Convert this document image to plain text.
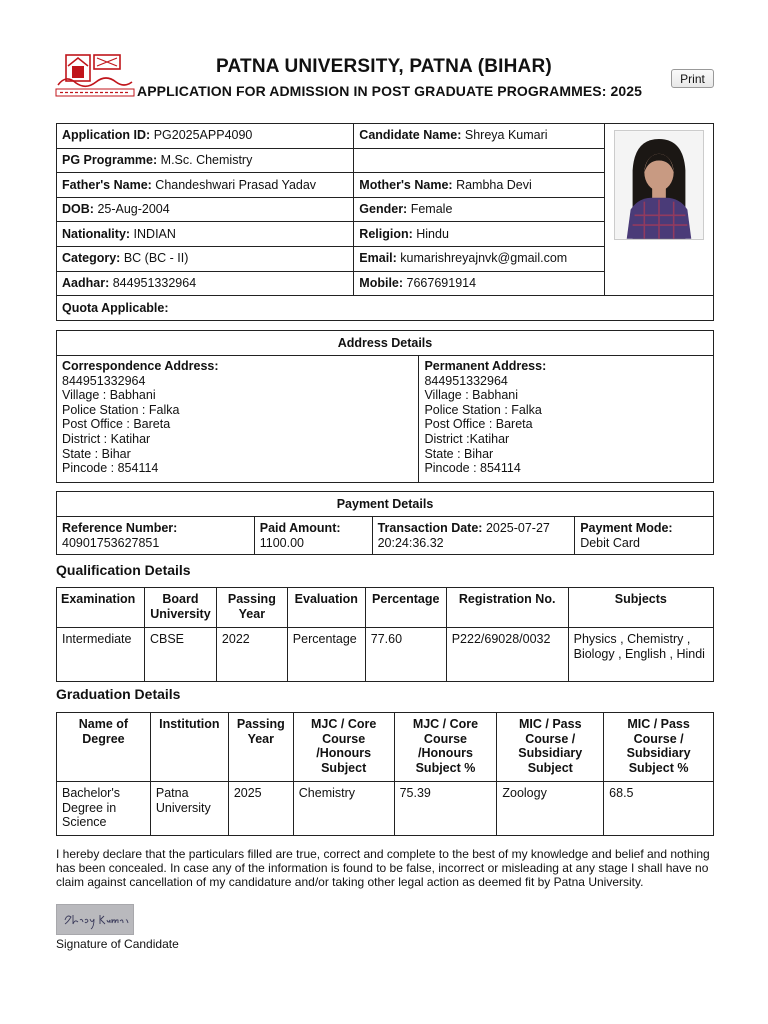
PATNA UNIVERSITY, PATNA (BIHAR)
APPLICATION FOR ADMISSION IN POST GRADUATE PROGRAMMES: 2025
Print
Application ID: PG2025APP4090	Candidate Name: Shreya Kumari	

PG Programme: M.Sc. Chemistry		
Father's Name: Chandeshwari Prasad Yadav	Mother's Name: Rambha Devi	
DOB: 25-Aug-2004	Gender: Female	
Nationality: INDIAN	Religion: Hindu	
Category: BC (BC - II)	Email: kumarishreyajnvk@gmail.com	
Aadhar: 844951332964	Mobile: 7667691914	
Quota Applicable:		
Address Details

Correspondence Address:
844951332964
Village : Babhani
Police Station : Falka
Post Office : Bareta
District : Katihar
State : Bihar
Pincode : 854114

Permanent Address:
844951332964
Village : Babhani
Police Station : Falka
Post Office : Bareta
District :Katihar
State : Bihar
Pincode : 854114
Payment Details

Reference Number:
40901753627851	
Paid Amount:
1100.00	Transaction Date: 2025-07-27
20:24:36.32

Payment Mode:
Debit Card
Qualification Details
Examination	Board University	Passing Year	Evaluation	Percentage	Registration No.	Subjects
Intermediate	CBSE	2022	Percentage	77.60	P222/69028/0032	Physics , Chemistry , Biology , English , Hindi
Graduation Details
Name of Degree	Institution	Passing Year	MJC / Core Course /Honours Subject	MJC / Core Course /Honours Subject %	MIC / Pass Course / Subsidiary Subject	MIC / Pass Course / Subsidiary Subject %
Bachelor's Degree in Science	Patna University	2025	Chemistry	75.39	Zoology	68.5
I hereby declare that the particulars filled are true, correct and complete to the best of my knowledge and belief and nothing has been concealed. In case any of the information is found to be false, incorrect or misleading at any stage I shall have no claim against cancellation of my candidature and/or taking other legal action as deemed fit by Patna University.
Signature of Candidate
